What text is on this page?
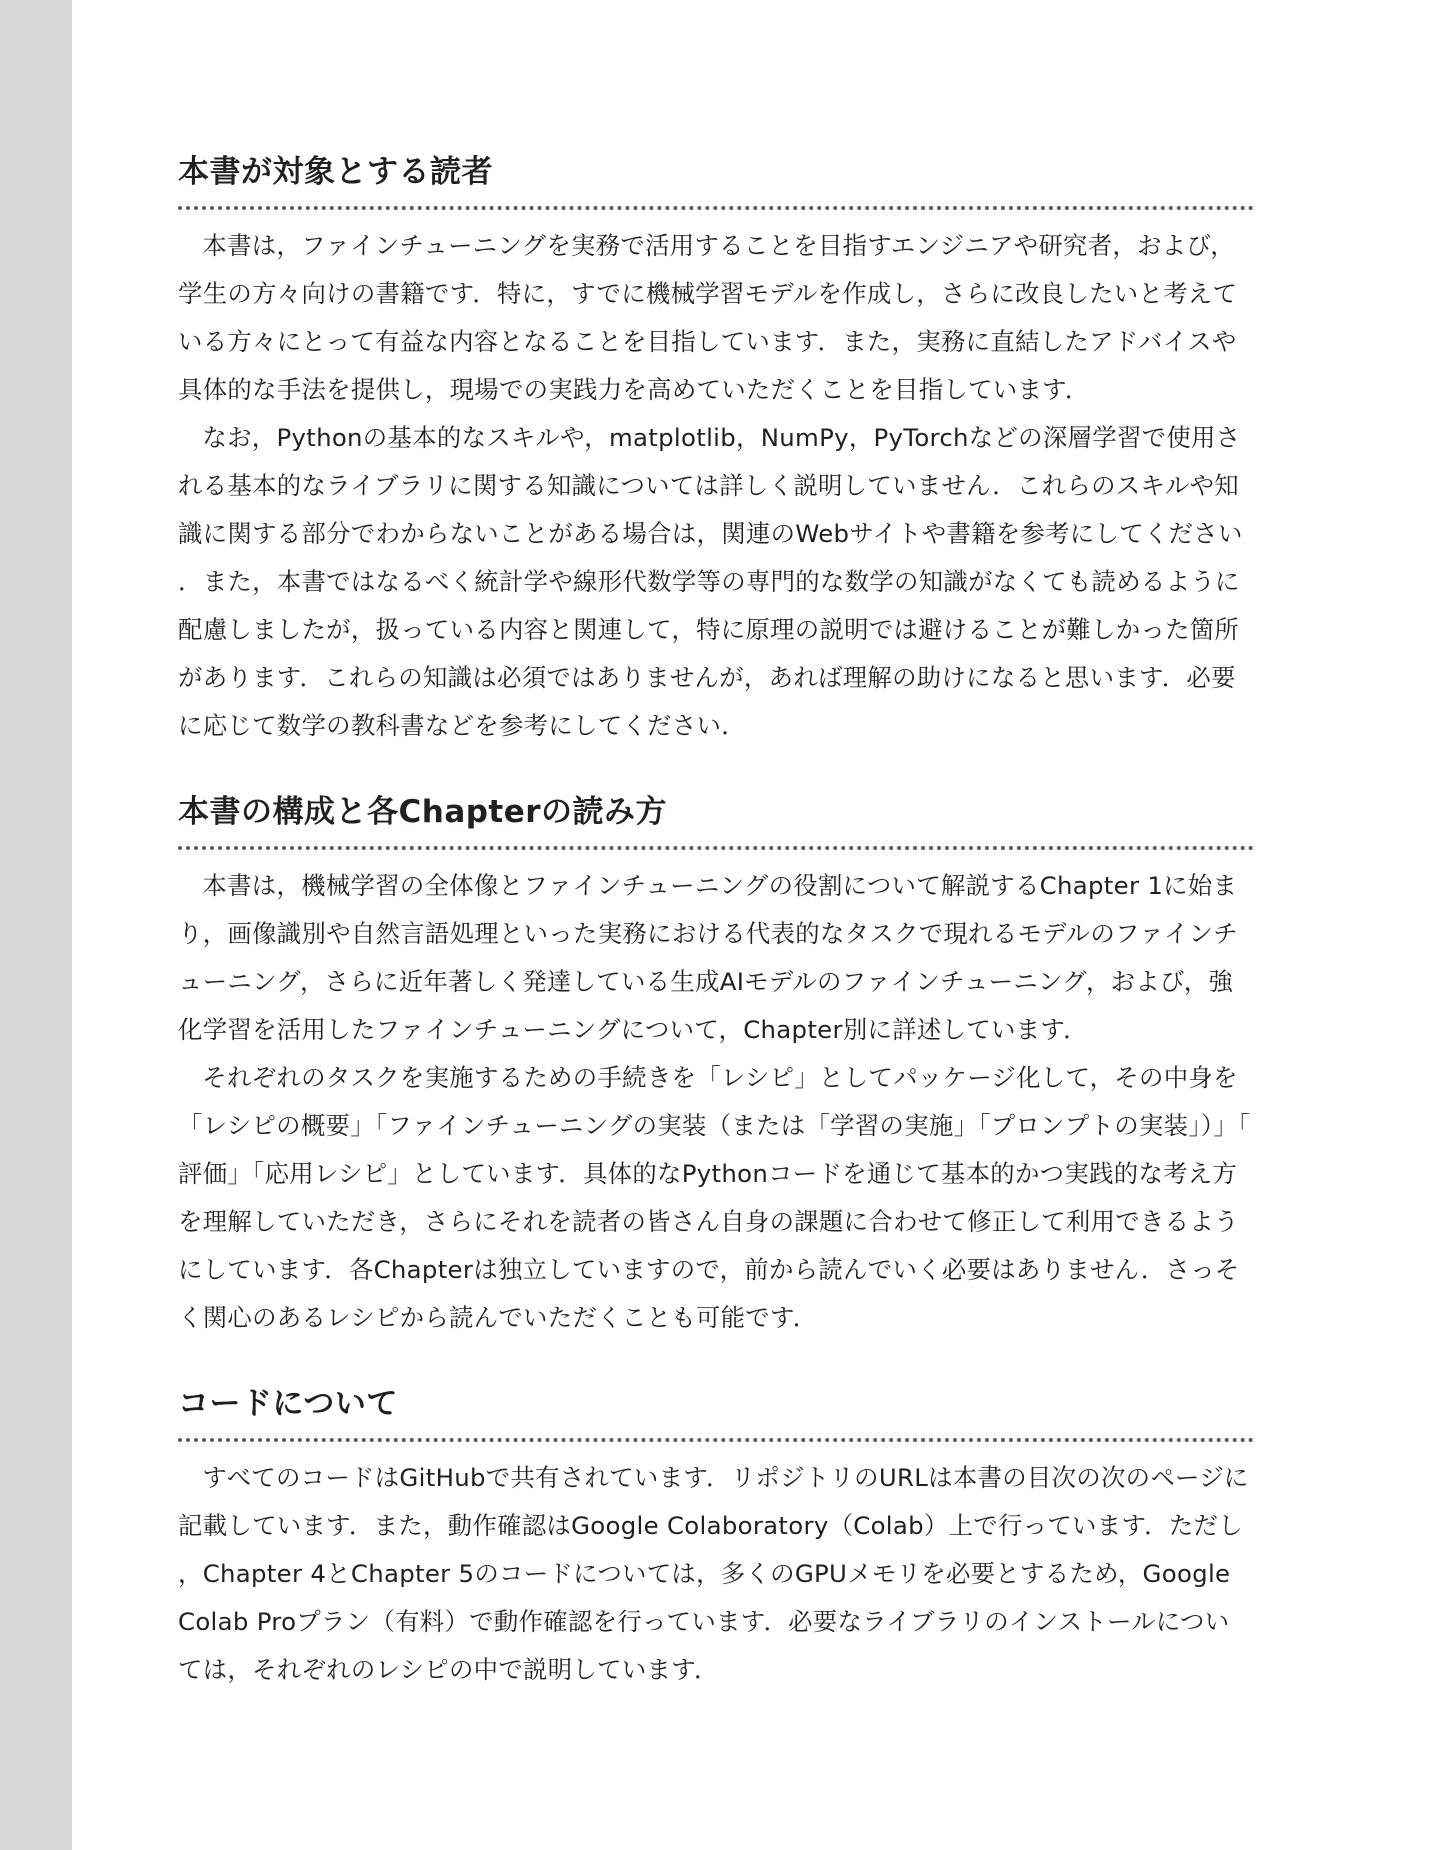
本書が対象とする読者

本書は，ファインチューニングを実務で活用することを目指すエンジニアや研究者，および，学生の方々向けの書籍です．特に，すでに機械学習モデルを作成し，さらに改良したいと考えている方々にとって有益な内容となることを目指しています．また，実務に直結したアドバイスや具体的な手法を提供し，現場での実践力を高めていただくことを目指しています．

なお，Pythonの基本的なスキルや，matplotlib，NumPy，PyTorchなどの深層学習で使用される基本的なライブラリに関する知識については詳しく説明していません．これらのスキルや知識に関する部分でわからないことがある場合は，関連のWebサイトや書籍を参考にしてください．また，本書ではなるべく統計学や線形代数学等の専門的な数学の知識がなくても読めるように配慮しましたが，扱っている内容と関連して，特に原理の説明では避けることが難しかった箇所があります．これらの知識は必須ではありませんが，あれば理解の助けになると思います．必要に応じて数学の教科書などを参考にしてください．

本書の構成と各Chapterの読み方

本書は，機械学習の全体像とファインチューニングの役割について解説するChapter 1に始まり，画像識別や自然言語処理といった実務における代表的なタスクで現れるモデルのファインチューニング，さらに近年著しく発達している生成AIモデルのファインチューニング，および，強化学習を活用したファインチューニングについて，Chapter別に詳述しています．

それぞれのタスクを実施するための手続きを「レシピ」としてパッケージ化して，その中身を「レシピの概要」「ファインチューニングの実装（または「学習の実施」「プロンプトの実装」）」「評価」「応用レシピ」としています．具体的なPythonコードを通じて基本的かつ実践的な考え方を理解していただき，さらにそれを読者の皆さん自身の課題に合わせて修正して利用できるようにしています．各Chapterは独立していますので，前から読んでいく必要はありません．さっそく関心のあるレシピから読んでいただくことも可能です．

コードについて

すべてのコードはGitHubで共有されています．リポジトリのURLは本書の目次の次のページに記載しています．また，動作確認はGoogle Colaboratory（Colab）上で行っています．ただし，Chapter 4とChapter 5のコードについては，多くのGPUメモリを必要とするため，Google Colab Proプラン（有料）で動作確認を行っています．必要なライブラリのインストールについては，それぞれのレシピの中で説明しています．
